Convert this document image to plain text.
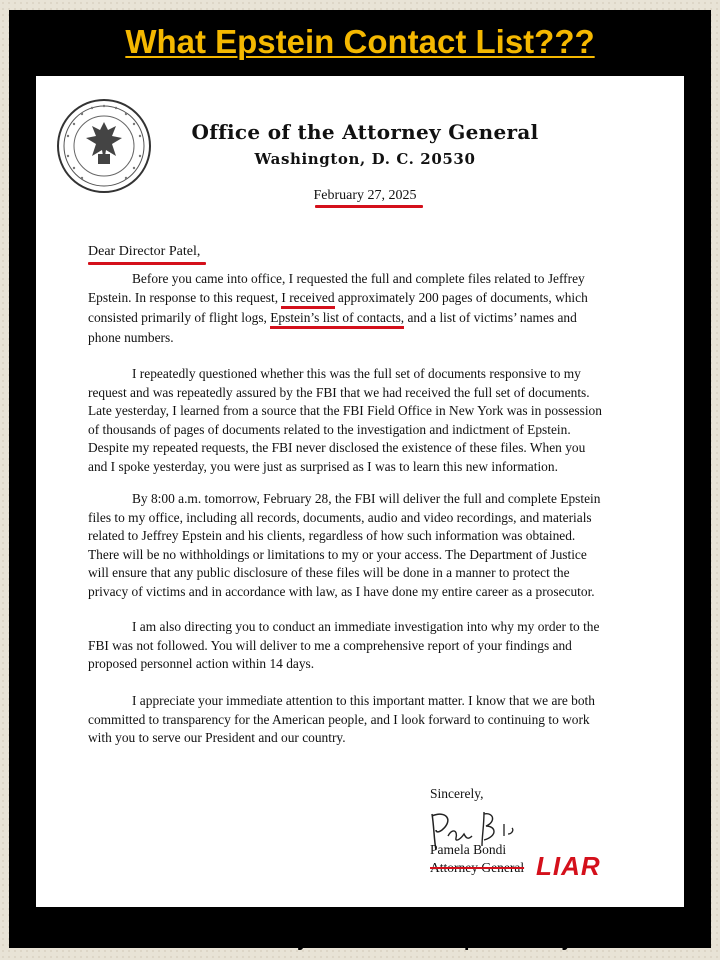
What Epstein Contact List???
Office of the Attorney General
Washington, D. C. 20530
February 27, 2025
Dear Director Patel,
Before you came into office, I requested the full and complete files related to Jeffrey
Epstein. In response to this request, I received approximately 200 pages of documents, which
consisted primarily of flight logs, Epstein’s list of contacts, and a list of victims’ names and
phone numbers.
I repeatedly questioned whether this was the full set of documents responsive to my
request and was repeatedly assured by the FBI that we had received the full set of documents.
Late yesterday, I learned from a source that the FBI Field Office in New York was in possession
of thousands of pages of documents related to the investigation and indictment of Epstein.
Despite my repeated requests, the FBI never disclosed the existence of these files. When you
and I spoke yesterday, you were just as surprised as I was to learn this new information.
By 8:00 a.m. tomorrow, February 28, the FBI will deliver the full and complete Epstein
files to my office, including all records, documents, audio and video recordings, and materials
related to Jeffrey Epstein and his clients, regardless of how such information was obtained.
There will be no withholdings or limitations to my or your access. The Department of Justice
will ensure that any public disclosure of these files will be done in a manner to protect the
privacy of victims and in accordance with law, as I have done my entire career as a prosecutor.
I am also directing you to conduct an immediate investigation into why my order to the
FBI was not followed. You will deliver to me a comprehensive report of your findings and
proposed personnel action within 14 days.
I appreciate your immediate attention to this important matter. I know that we are both
committed to transparency for the American people, and I look forward to continuing to work
with you to serve our President and our country.
Sincerely,
Pamela Bondi
Attorney General LIAR
Welcome to Democracy 2025 ...  Counterpoint4.bsky.social
